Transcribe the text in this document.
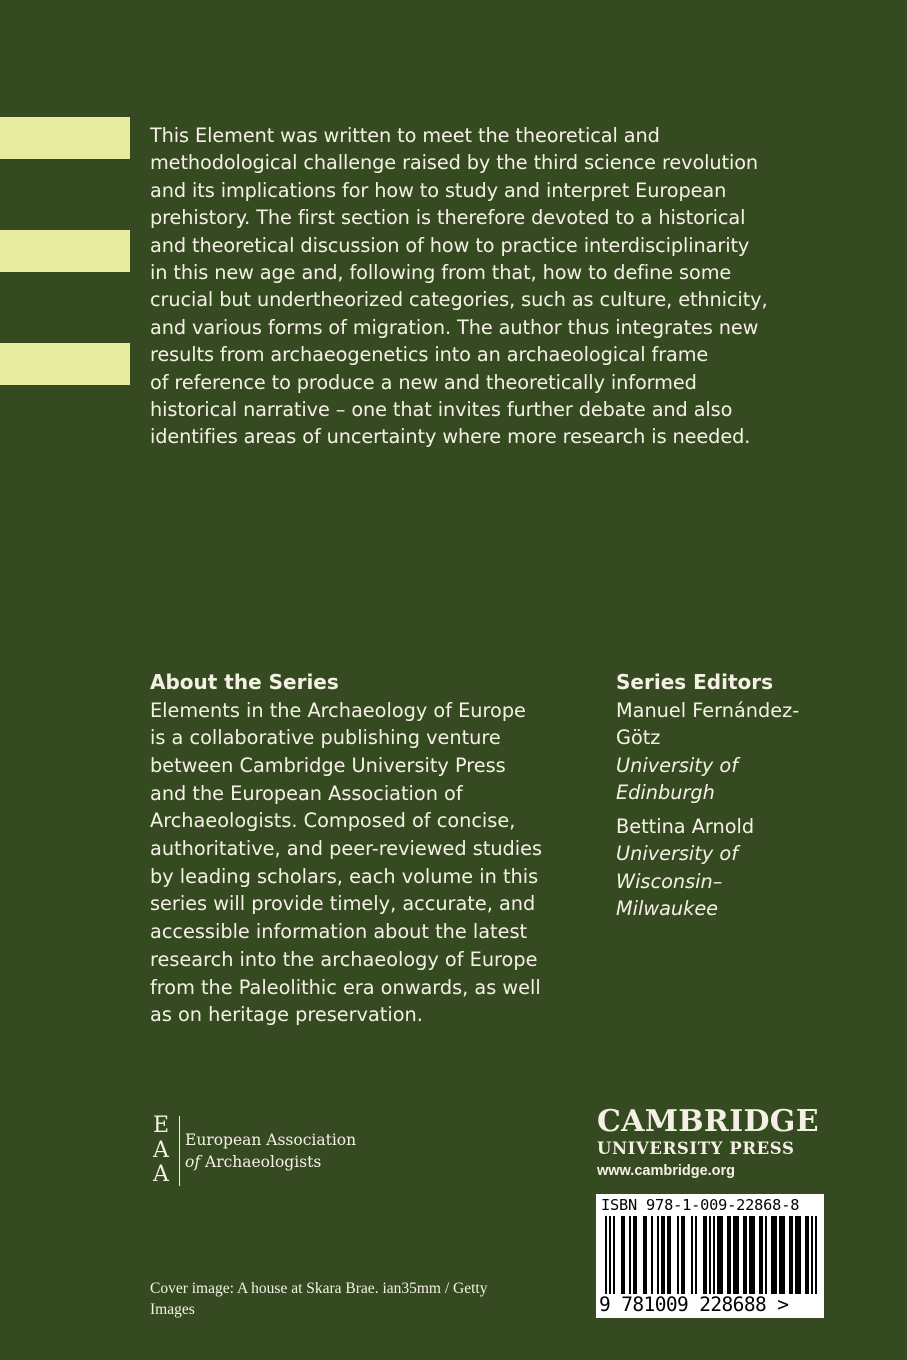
This Element was written to meet the theoretical and
methodological challenge raised by the third science revolution
and its implications for how to study and interpret European
prehistory. The first section is therefore devoted to a historical
and theoretical discussion of how to practice interdisciplinarity
in this new age and, following from that, how to define some
crucial but undertheorized categories, such as culture, ethnicity,
and various forms of migration. The author thus integrates new
results from archaeogenetics into an archaeological frame
of reference to produce a new and theoretically informed
historical narrative – one that invites further debate and also
identifies areas of uncertainty where more research is needed.
About the Series
Elements in the Archaeology of Europe
is a collaborative publishing venture
between Cambridge University Press
and the European Association of
Archaeologists. Composed of concise,
authoritative, and peer-reviewed studies
by leading scholars, each volume in this
series will provide timely, accurate, and
accessible information about the latest
research into the archaeology of Europe
from the Paleolithic era onwards, as well
as on heritage preservation.
Series Editors
Manuel Fernández-
Götz
University of
Edinburgh
Bettina Arnold
University of
Wisconsin–
Milwaukee
E
A
A
European Association
of Archaeologists
CAMBRIDGE
UNIVERSITY PRESS
www.cambridge.org
ISBN 978-1-009-22868-8
9 781009 228688 >
Cover image: A house at Skara Brae. ian35mm / Getty
Images
